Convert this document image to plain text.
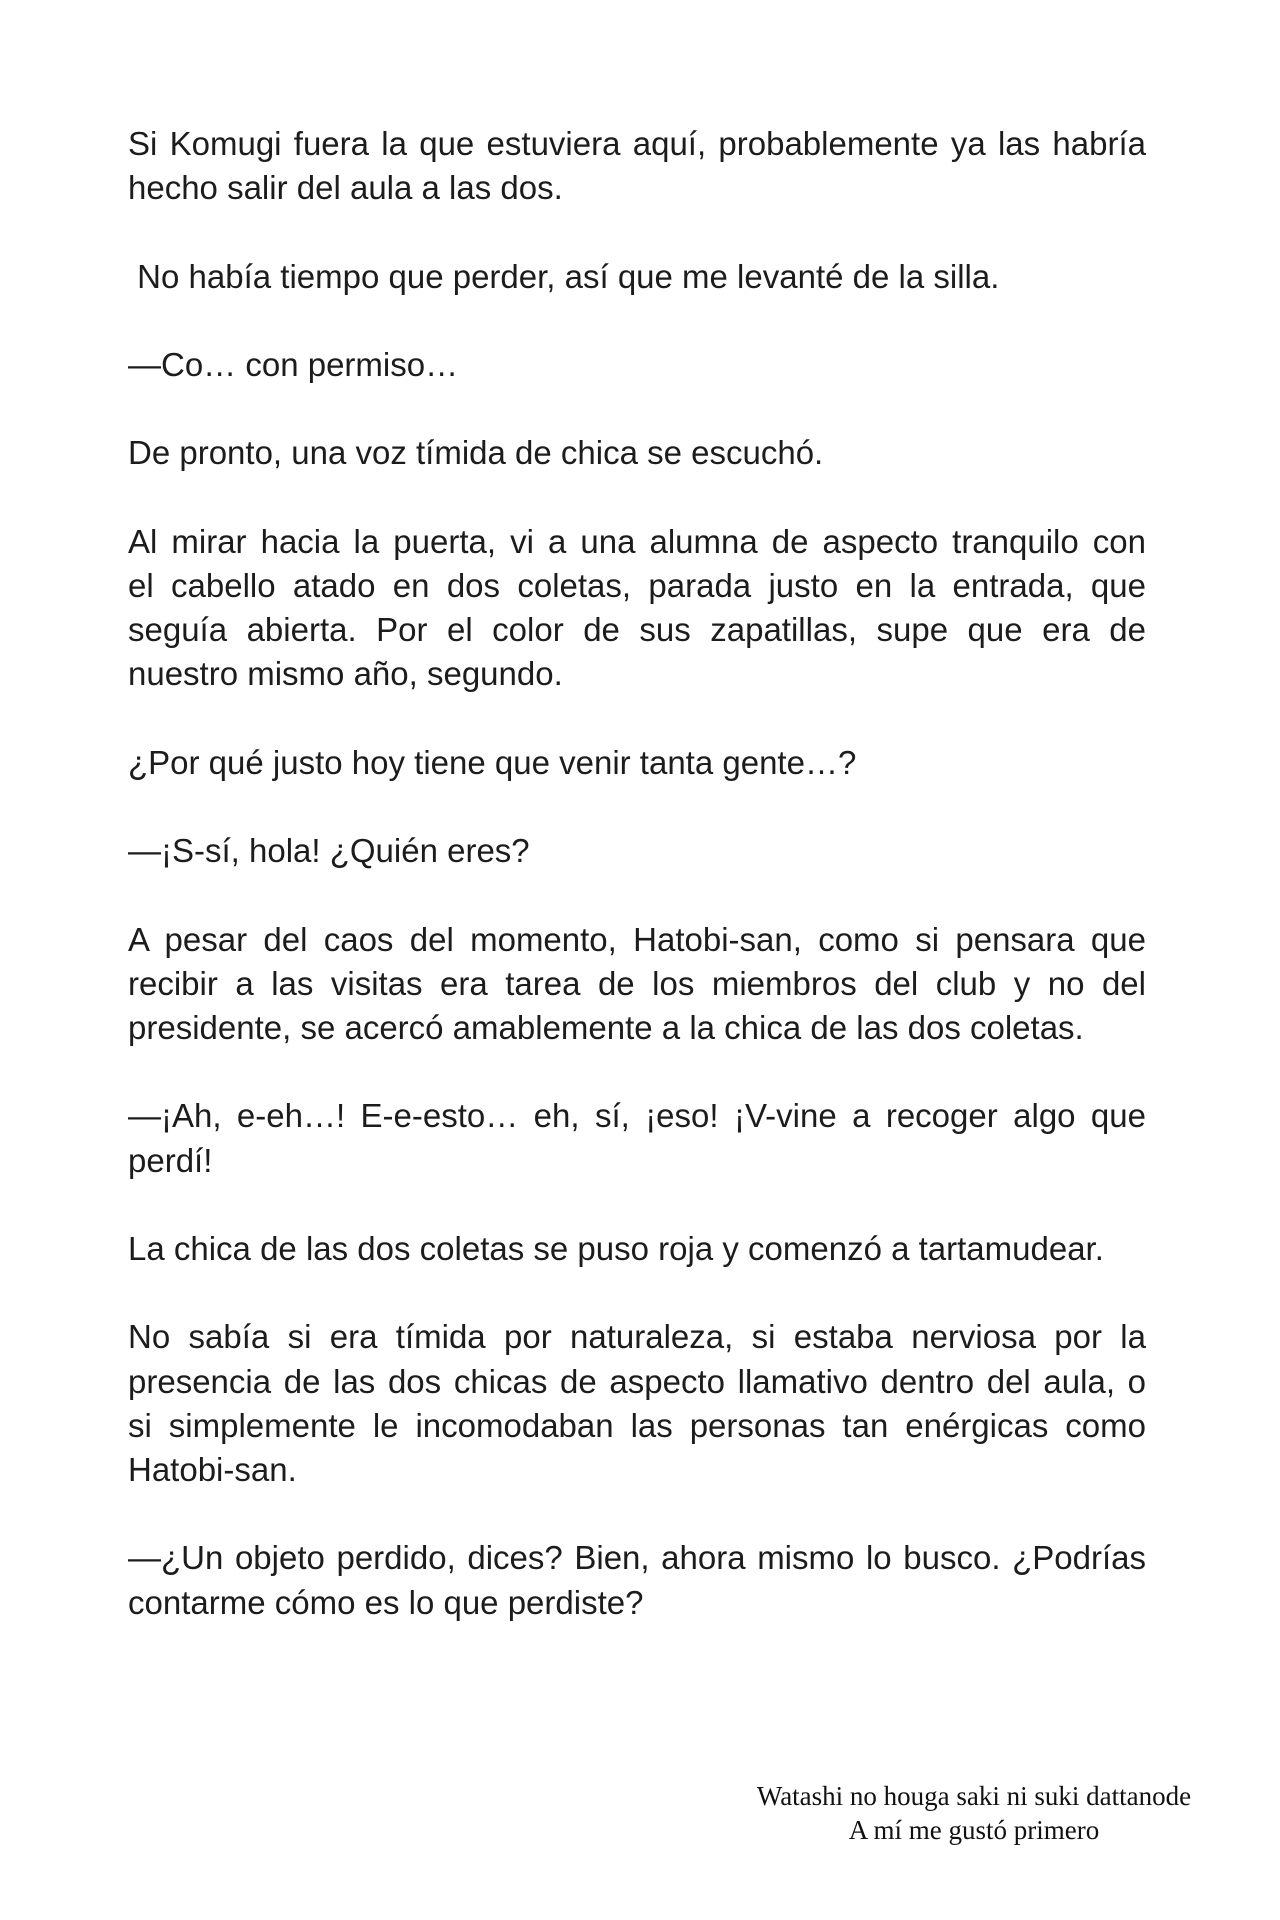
Si Komugi fuera la que estuviera aquí, probablemente ya las habría
hecho salir del aula a las dos.

No había tiempo que perder, así que me levanté de la silla.

—Co… con permiso…

De pronto, una voz tímida de chica se escuchó.

Al mirar hacia la puerta, vi a una alumna de aspecto tranquilo con
el cabello atado en dos coletas, parada justo en la entrada, que
seguía abierta. Por el color de sus zapatillas, supe que era de
nuestro mismo año, segundo.

¿Por qué justo hoy tiene que venir tanta gente…?

—¡S-sí, hola! ¿Quién eres?

A pesar del caos del momento, Hatobi-san, como si pensara que
recibir a las visitas era tarea de los miembros del club y no del
presidente, se acercó amablemente a la chica de las dos coletas.

—¡Ah, e-eh…! E-e-esto… eh, sí, ¡eso! ¡V-vine a recoger algo que
perdí!

La chica de las dos coletas se puso roja y comenzó a tartamudear.

No sabía si era tímida por naturaleza, si estaba nerviosa por la
presencia de las dos chicas de aspecto llamativo dentro del aula, o
si simplemente le incomodaban las personas tan enérgicas como
Hatobi-san.

—¿Un objeto perdido, dices? Bien, ahora mismo lo busco. ¿Podrías
contarme cómo es lo que perdiste?

Watashi no houga saki ni suki dattanode
A mí me gustó primero
